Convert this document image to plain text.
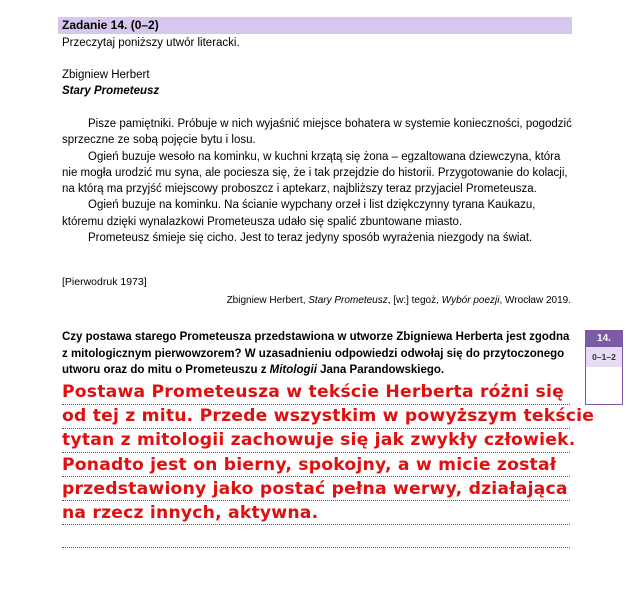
Zadanie 14. (0–2)
Przeczytaj poniższy utwór literacki.
Zbigniew Herbert
Stary Prometeusz

Pisze pamiętniki. Próbuje w nich wyjaśnić miejsce bohatera w systemie konieczności, pogodzić sprzeczne ze sobą pojęcie bytu i losu.

Ogień buzuje wesoło na kominku, w kuchni krzątą się żona – egzaltowana dziewczyna, która nie mogła urodzić mu syna, ale pociesza się, że i tak przejdzie do historii. Przygotowanie do kolacji, na którą ma przyjść miejscowy proboszcz i aptekarz, najbliższy teraz przyjaciel Prometeusza.

Ogień buzuje na kominku. Na ścianie wypchany orzeł i list dziękczynny tyrana Kaukazu, któremu dzięki wynalazkowi Prometeusza udało się spalić zbuntowane miasto.

Prometeusz śmieje się cicho. Jest to teraz jedyny sposób wyrażenia niezgody na świat.

[Pierwodruk 1973]
Zbigniew Herbert, Stary Prometeusz, [w:] tegoż, Wybór poezji, Wrocław 2019.
Czy postawa starego Prometeusza przedstawiona w utworze Zbigniewa Herberta jest zgodna z mitologicznym pierwowzorem? W uzasadnieniu odpowiedzi odwołaj się do przytoczonego utworu oraz do mitu o Prometeuszu z Mitologii Jana Parandowskiego.
14.
0–1–2

Postawa Prometeusza w tekście Herberta różni się

od tej z mitu. Przede wszystkim w powyższym tekście

tytan z mitologii zachowuje się jak zwykły człowiek.

Ponadto jest on bierny, spokojny, a w micie został

przedstawiony jako postać pełna werwy, działająca

na rzecz innych, aktywna.
